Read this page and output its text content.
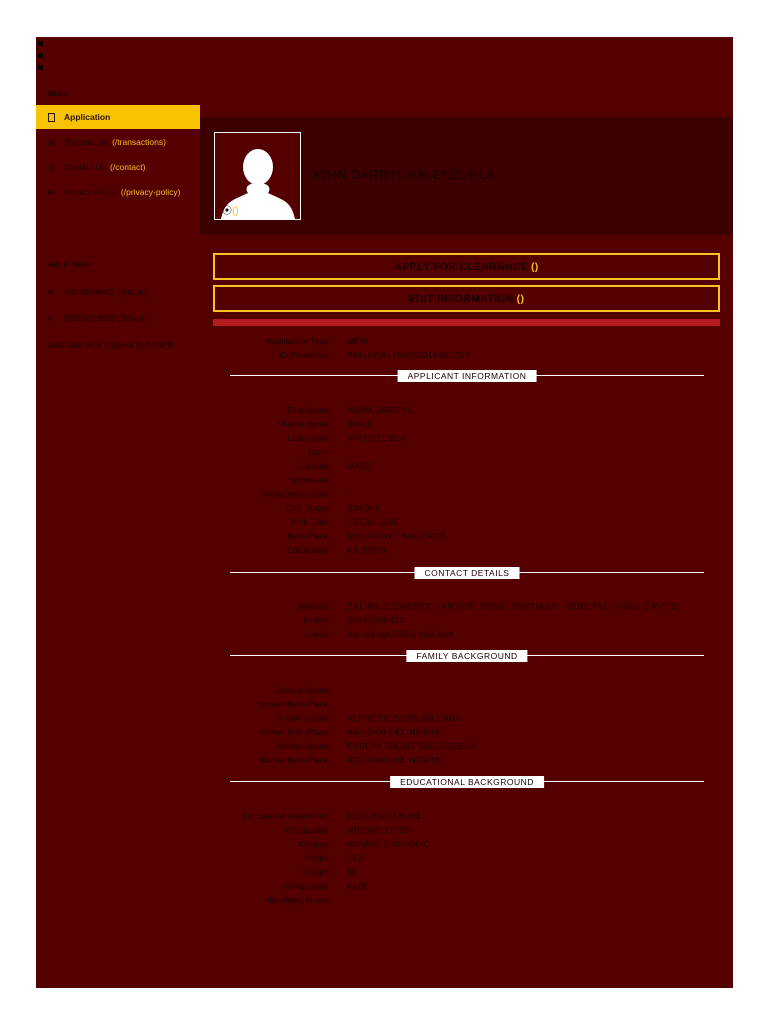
MENU
Application
▤ Transaction (/transactions)
✆	Contact Us (/contact)
■	Privacy Policy (/privacy-policy)
HELP DESK
✆ 09178999421 (Globe)
✆ 09204129890 (Smart)
Available from 8:00AM to 5:00PM
⦿()
JOHN DARRYL VALENZUELA
APPLY FOR CLEARANCE ()
EDIT INFORMATION ()
Application Type: NEW
ID Presented: PHILHEALTH(082014681753
APPLICANT INFORMATION
First Name: JOHN DARRYL
Middle Name: NINO
Last Name: VALENZUELA
Suffix:
Gender: MALE
Nickname:
AKA/Other Name: -
Civil Status: SINGLE
Birth Date: 13 Oct 2000
Birth Place: MALABON TINAJEROS
Citizenship: FILIPINO
CONTACT DETAILS
Address: SALIBA 2, CARAPICHAN AVE. BRGY. SANTIAGO, GENERAL TRIAS, CAVITE
Mobile: 09927288820
E-mail: darrylsaga30@gmail.com
FAMILY BACKGROUND
Spouse Name:
Spouse Birth Place:
Father Name: ALFREDO CURILAN SABA
Father Birth Place: AGUSAN DEL NORTE
Mother Name: EVELYN GILDO VALENZUELA
Mother Birth Place: AGUSAN DEL NORTE
EDUCATIONAL BACKGROUND
Educational Attainment: COLLEGE LEVEL
Occupation: UNEMPLOYED
Religion: ROMAN CATHOLIC
Height: 153
Weight: 60
Complexion: FAIR
Identifying Marks:
